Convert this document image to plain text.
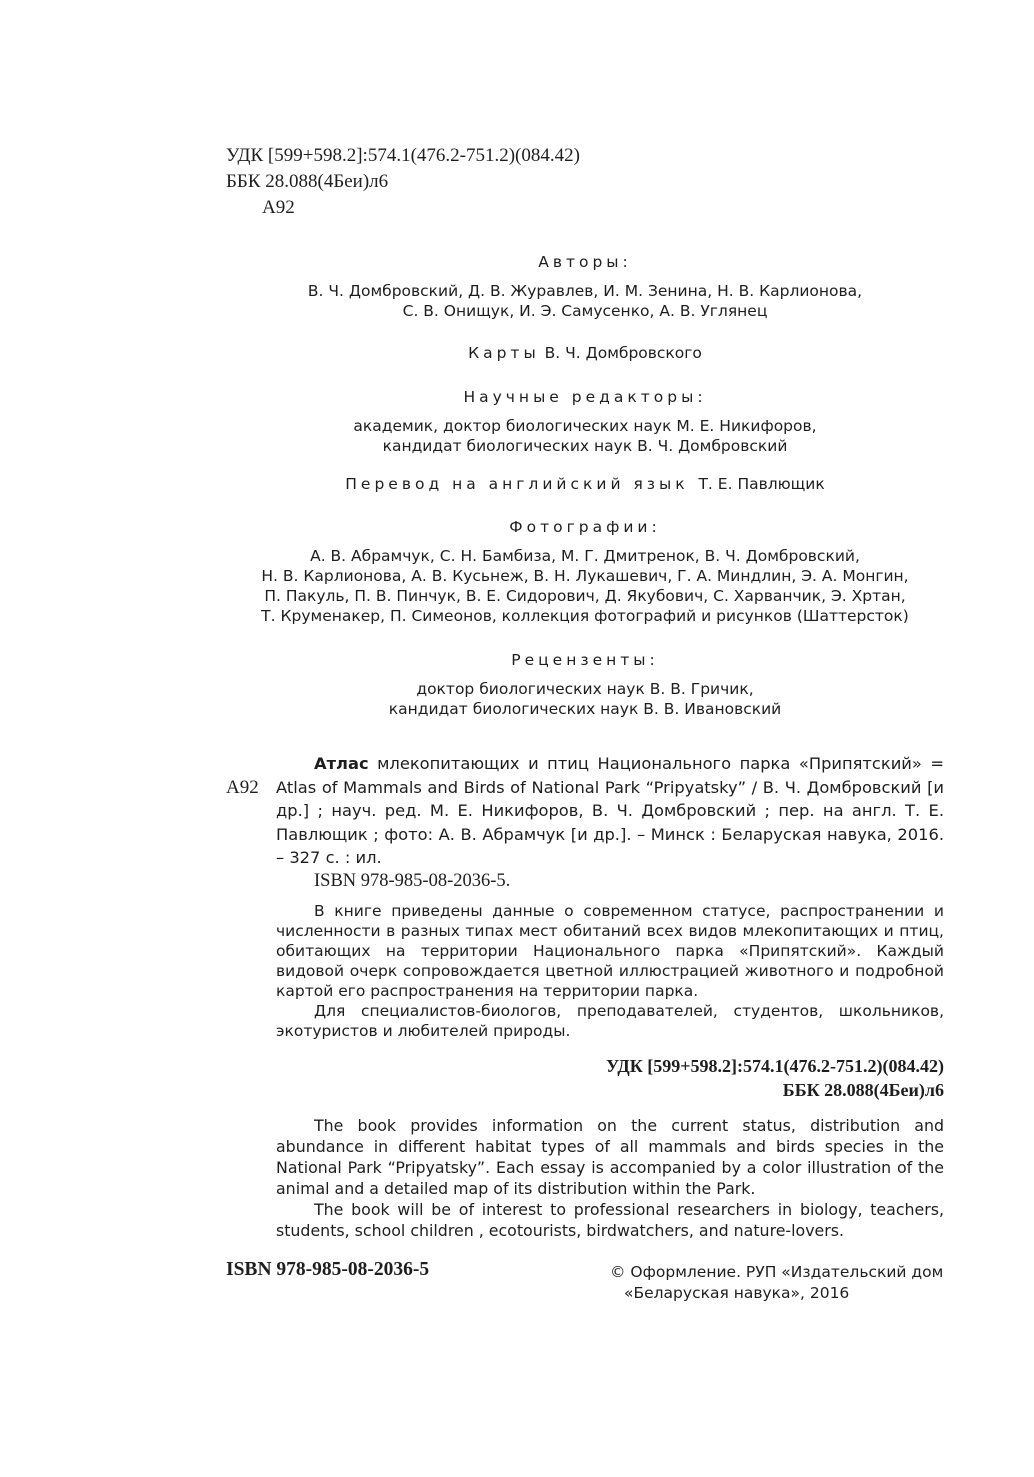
УДК [599+598.2]:574.1(476.2-751.2)(084.42)
ББК 28.088(4Беи)л6
А92
Авторы:
В. Ч. Домбровский, Д. В. Журавлев, И. М. Зенина, Н. В. Карлионова,
С. В. Онищук, И. Э. Самусенко, А. В. Углянец
Карты В. Ч. Домбровского
Научные редакторы:
академик, доктор биологических наук М. Е. Никифоров,
кандидат биологических наук В. Ч. Домбровский
Перевод на английский язык Т. Е. Павлющик
Фотографии:
А. В. Абрамчук, С. Н. Бамбиза, М. Г. Дмитренок, В. Ч. Домбровский,
Н. В. Карлионова, А. В. Кусьнеж, В. Н. Лукашевич, Г. А. Миндлин, Э. А. Монгин,
П. Пакуль, П. В. Пинчук, В. Е. Сидорович, Д. Якубович, С. Харванчик, Э. Хртан,
Т. Круменакер, П. Симеонов, коллекция фотографий и рисунков (Шаттерсток)
Рецензенты:
доктор биологических наук В. В. Гричик,
кандидат биологических наук В. В. Ивановский
А92

Атлас млекопитающих и птиц Национального парка «Припятский» = Atlas of Mammals and Birds of National Park “Pripyatsky” / В. Ч. Домбровский [и др.] ; науч. ред. М. Е. Никифоров, В. Ч. Домбровский ; пер. на англ. Т. Е. Павлющик ; фото: А. В. Абрамчук [и др.]. – Минск : Беларуская навука, 2016. – 327 с. : ил.

ISBN 978-985-08-2036-5.

В книге приведены данные о современном статусе, распространении и численности в разных типах мест обитаний всех видов млекопитающих и птиц, обитающих на территории Национального парка «Припятский». Каждый видовой очерк сопровождается цветной иллюстрацией животного и подробной картой его распространения на территории парка.

Для специалистов-биологов, преподавателей, студентов, школьников, экотуристов и любителей природы.

УДК [599+598.2]:574.1(476.2-751.2)(084.42)
ББК 28.088(4Беи)л6

The book provides information on the current status, distribution and abundance in different habitat types of all mammals and birds species in the National Park “Pripyatsky”. Each essay is accompanied by a color illustration of the animal and a detailed map of its distribution within the Park.

The book will be of interest to professional researchers in biology, teachers, students, school children , ecotourists, birdwatchers, and nature-lovers.

ISBN 978-985-08-2036-5	© Оформление. РУП «Издательский дом
«Беларуская навука», 2016
